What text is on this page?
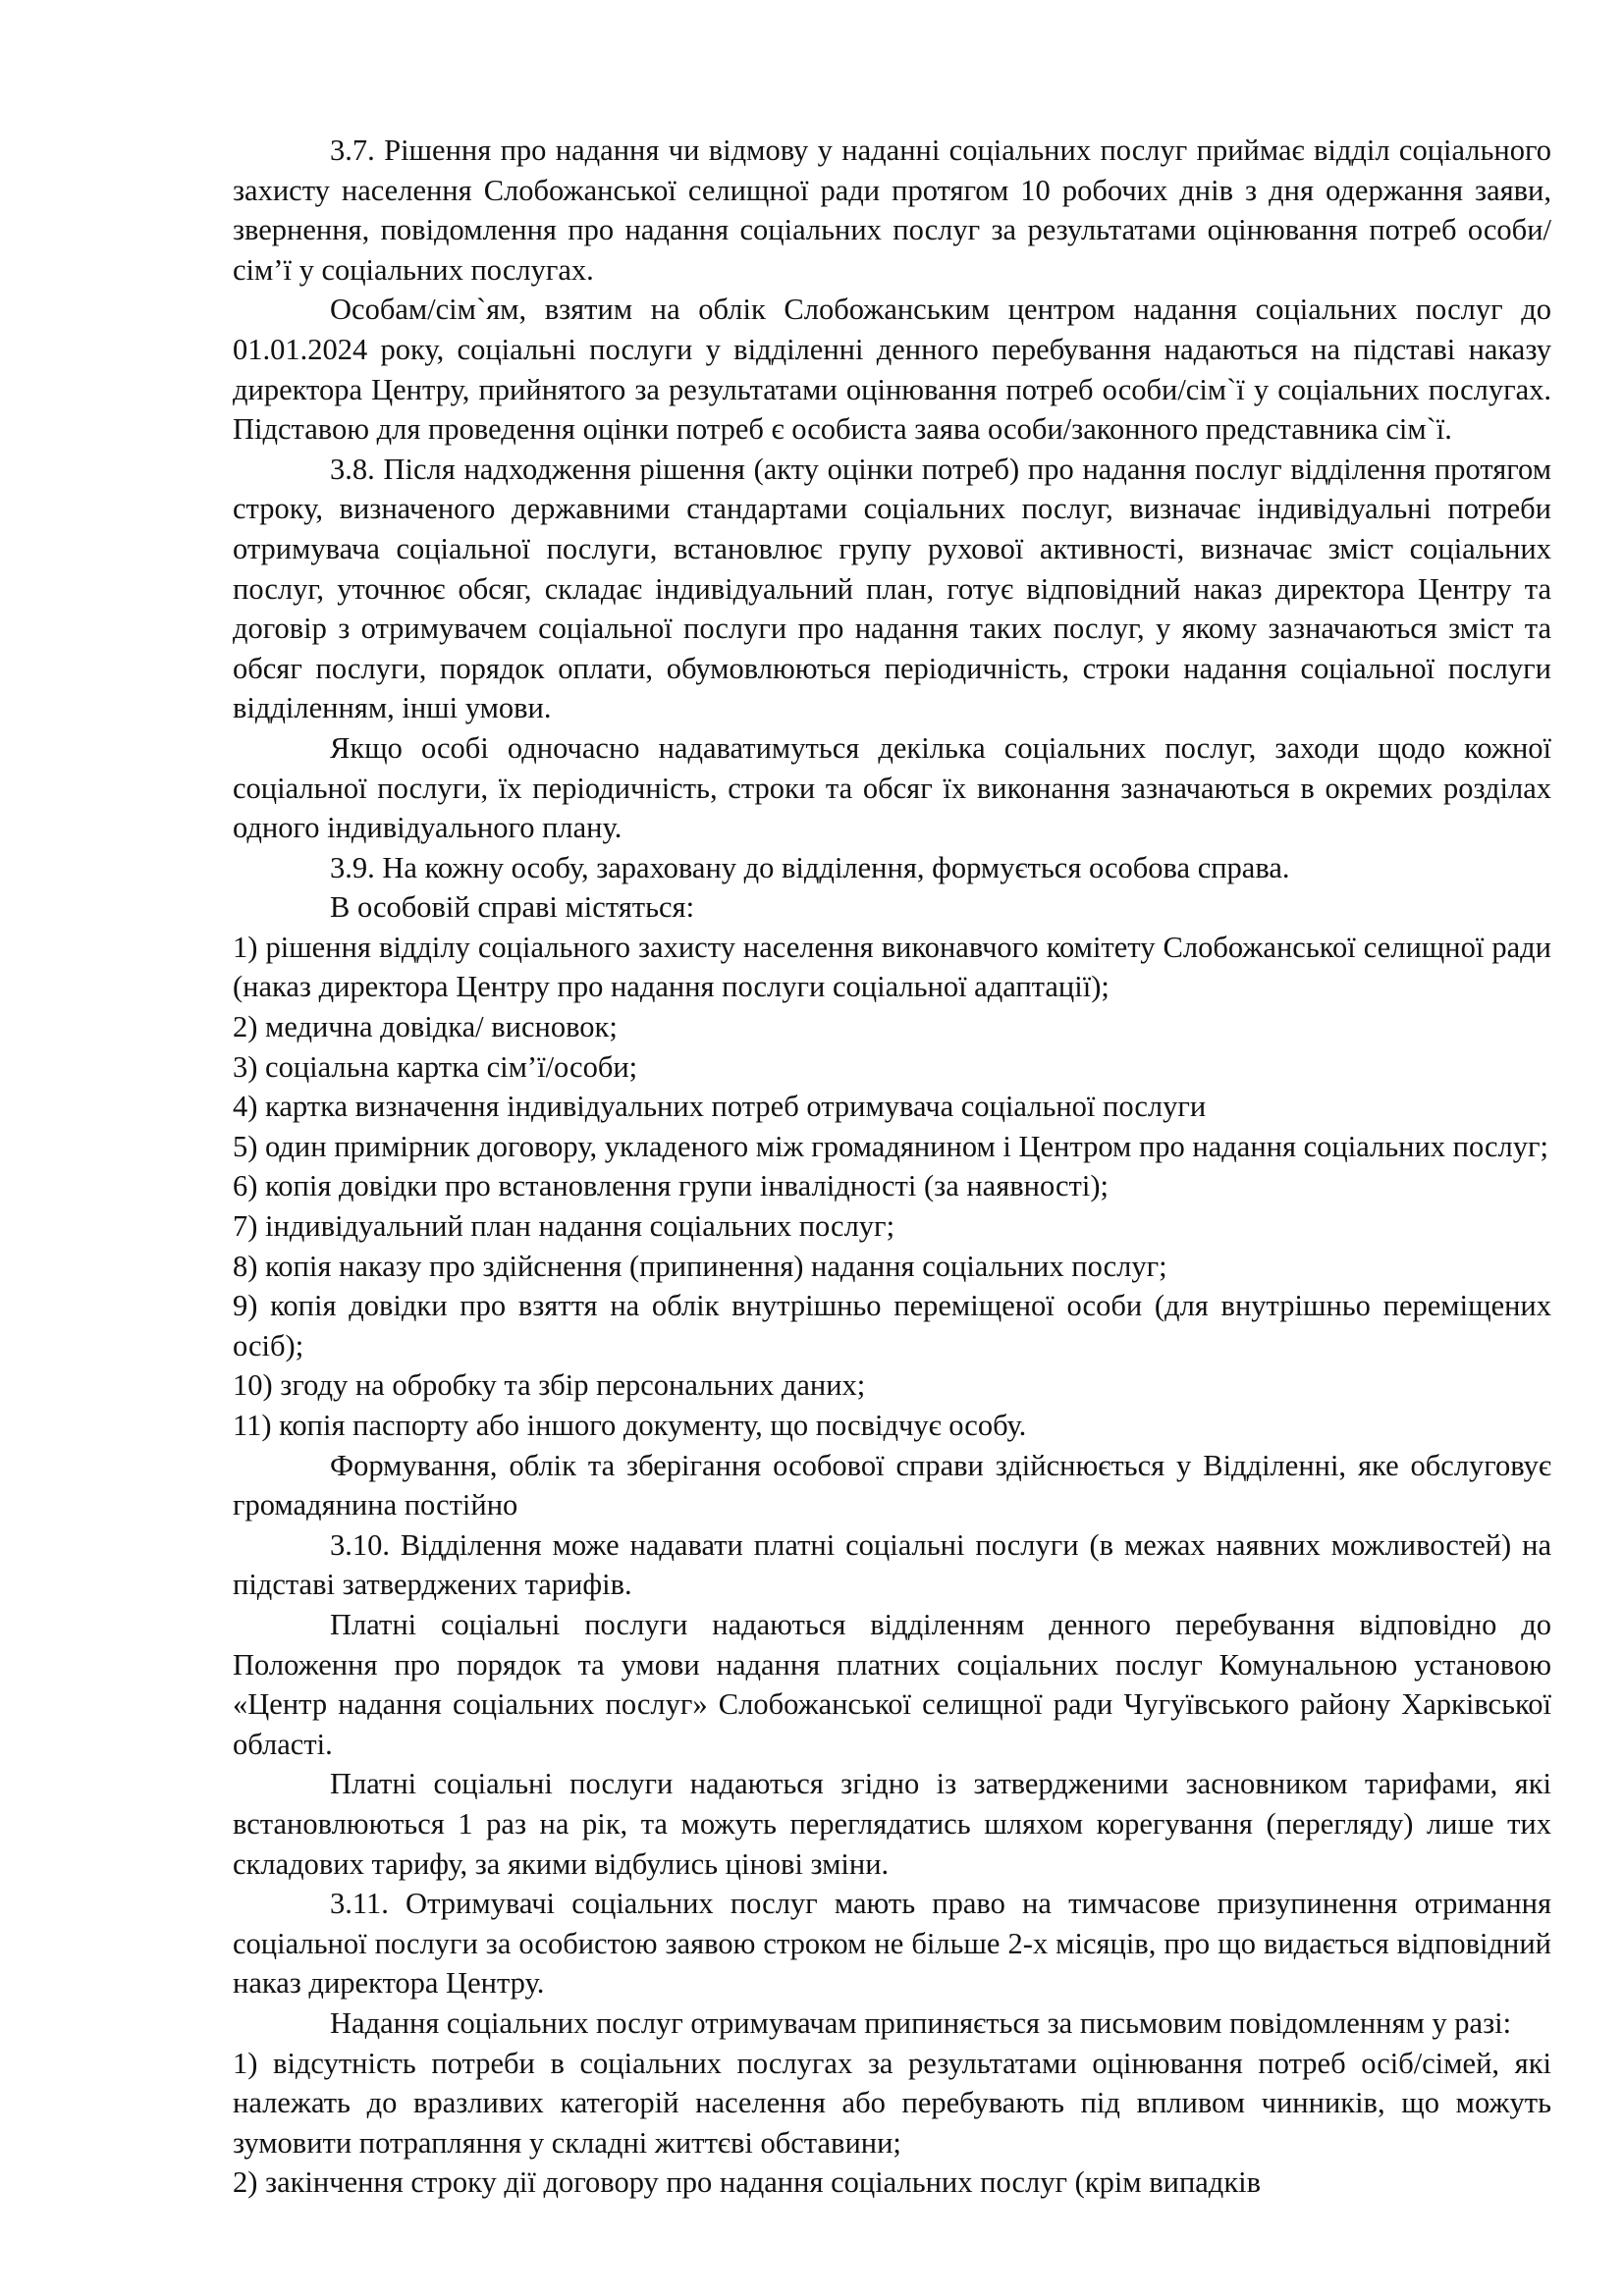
3.7. Рішення про надання чи відмову у наданні соціальних послуг приймає відділ соціального захисту населення Слобожанської селищної ради протягом 10 робочих днів з дня одержання заяви, звернення, повідомлення про надання соціальних послуг за результатами оцінювання потреб особи/сім’ї у соціальних послугах.

Особам/сім`ям, взятим на облік Слобожанським центром надання соціальних послуг до 01.01.2024 року, соціальні послуги у відділенні денного перебування надаються на підставі наказу директора Центру, прийнятого за результатами оцінювання потреб особи/сім`ї у соціальних послугах. Підставою для проведення оцінки потреб є особиста заява особи/законного представника сім`ї.

3.8. Після надходження рішення (акту оцінки потреб) про надання послуг відділення протягом строку, визначеного державними стандартами соціальних послуг, визначає індивідуальні потреби отримувача соціальної послуги, встановлює групу рухової активності, визначає зміст соціальних послуг, уточнює обсяг, складає індивідуальний план, готує відповідний наказ директора Центру та договір з отримувачем соціальної послуги про надання таких послуг, у якому зазначаються зміст та обсяг послуги, порядок оплати, обумовлюються періодичність, строки надання соціальної послуги відділенням, інші умови.

Якщо особі одночасно надаватимуться декілька соціальних послуг, заходи щодо кожної соціальної послуги, їх періодичність, строки та обсяг їх виконання зазначаються в окремих розділах одного індивідуального плану.

3.9. На кожну особу, зараховану до відділення, формується особова справа.

В особовій справі містяться:

1) рішення відділу соціального захисту населення виконавчого комітету Слобожанської селищної ради (наказ директора Центру про надання послуги соціальної адаптації);

2) медична довідка/ висновок;

3) соціальна картка сім’ї/особи;

4) картка визначення індивідуальних потреб отримувача соціальної послуги

5) один примірник договору, укладеного між громадянином і Центром про надання соціальних послуг;

6) копія довідки про встановлення групи інвалідності (за наявності);

7) індивідуальний план надання соціальних послуг;

8) копія наказу про здійснення (припинення) надання соціальних послуг;

9) копія довідки про взяття на облік внутрішньо переміщеної особи (для внутрішньо переміщених осіб);

10) згоду на обробку та збір персональних даних;

11) копія паспорту або іншого документу, що посвідчує особу.

Формування, облік та зберігання особової справи здійснюється у Відділенні, яке обслуговує громадянина постійно

3.10. Відділення може надавати платні соціальні послуги (в межах наявних можливостей) на підставі затверджених тарифів.

Платні соціальні послуги надаються відділенням денного перебування відповідно до Положення про порядок та умови надання платних соціальних послуг Комунальною установою «Центр надання соціальних послуг» Слобожанської селищної ради Чугуївського району Харківської області.

Платні соціальні послуги надаються згідно із затвердженими засновником тарифами, які встановлюються 1 раз на рік, та можуть переглядатись шляхом корегування (перегляду) лише тих складових тарифу, за якими відбулись цінові зміни.

3.11. Отримувачі соціальних послуг мають право на тимчасове призупинення отримання соціальної послуги за особистою заявою строком не більше 2-х місяців, про що видається відповідний наказ директора Центру.

Надання соціальних послуг отримувачам припиняється за письмовим повідомленням у разі:

1) відсутність потреби в соціальних послугах за результатами оцінювання потреб осіб/сімей, які належать до вразливих категорій населення або перебувають під впливом чинників, що можуть зумовити потрапляння у складні життєві обставини;

2) закінчення строку дії договору про надання соціальних послуг (крім випадків
